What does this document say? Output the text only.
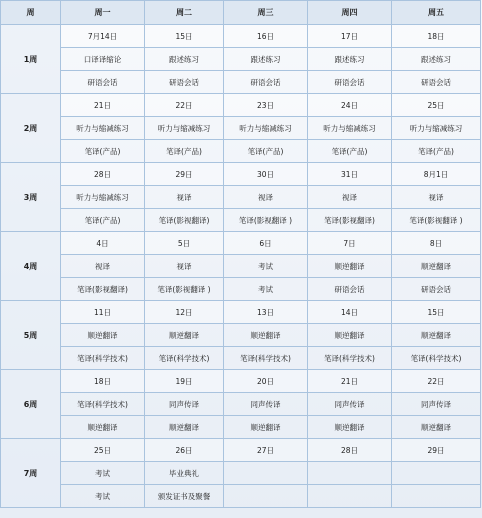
周	周一	周二	周三	周四	周五
1周	7月14日	15日	16日	17日	18日
	口译译缩论	跟述练习	跟述练习	跟述练习	跟述练习
	研语会话	研语会话	研语会话	研语会话	研语会话
2周	21日	22日	23日	24日	25日
	听力与缩减练习	听力与缩减练习	听力与缩减练习	听力与缩减练习	听力与缩减练习
	笔译(产品)	笔译(产品)	笔译(产品)	笔译(产品)	笔译(产品)
3周	28日	29日	30日	31日	8月1日
	听力与缩减练习	视译	视译	视译	视译
	笔译(产品)	笔译(影视翻译)	笔译(影视翻译 )	笔译(影视翻译)	笔译(影视翻译 )
4周	4日	5日	6日	7日	8日
	视译	视译	考试	顺逆翻译	顺逆翻译
	笔译(影视翻译)	笔译(影视翻译 )	考试	研语会话	研语会话
5周	11日	12日	13日	14日	15日
	顺逆翻译	顺逆翻译	顺逆翻译	顺逆翻译	顺逆翻译
	笔译(科学技术)	笔译(科学技术)	笔译(科学技术)	笔译(科学技术)	笔译(科学技术)
6周	18日	19日	20日	21日	22日
	笔译(科学技术)	同声传译	同声传译	同声传译	同声传译
	顺逆翻译	顺逆翻译	顺逆翻译	顺逆翻译	顺逆翻译
7周	25日	26日	27日	28日	29日
	考试	毕业典礼			
	考试	颁发证书及聚餐			
